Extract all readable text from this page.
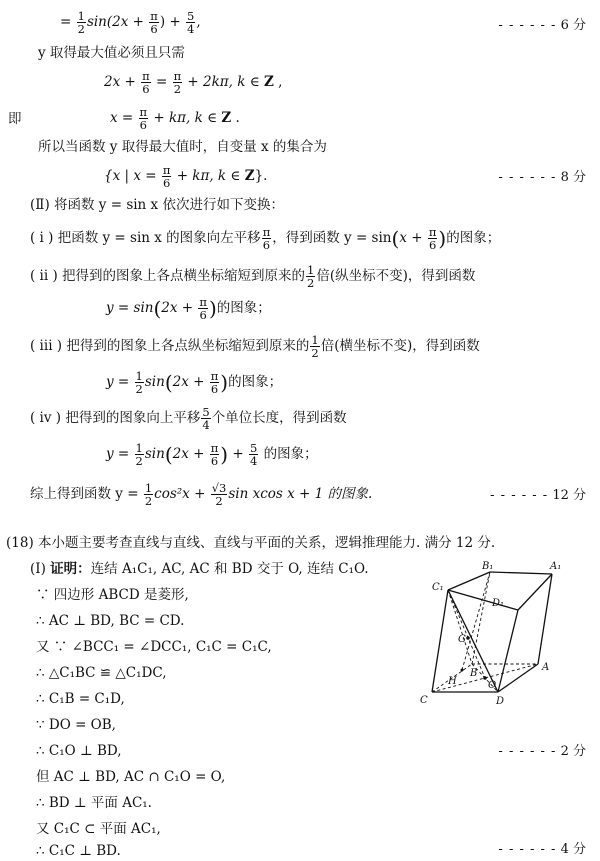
= $\frac{1}{2} \sin(2x + \frac{\pi}{6}$ ) + $\frac{5}{4}$ ,	- - - - - - 6 分
y 取得最大值必须且只需
$2x + \frac{\pi}{6} = \frac{\pi}{2} + 2k\pi$, k ∈ Z ,
即	$x = \frac{\pi}{6} + k\pi$, k ∈ Z .
所以当函数 y 取得最大值时，自变量 x 的集合为
{x | $x = \frac{\pi}{6} + k\pi$, k ∈ Z}.	- - - - - - 8 分
(Ⅱ) 将函数 y = sin x 依次进行如下变换：
( i ) 把函数 y = sin x 的图象向左平移 $\frac{\pi}{6}$ ，得到函数 $y = \sin(x + \frac{\pi}{6}$ )的图象；
( ii ) 把得到的图象上各点横坐标缩短到原来的 $\frac{1}{2}$ 倍(纵坐标不变)，得到函数
$y = \sin(2x + \frac{\pi}{6}$ )的图象；
( iii ) 把得到的图象上各点纵坐标缩短到原来的 $\frac{1}{2}$ 倍(横坐标不变)，得到函数
$y = \frac{1}{2} \sin(2x + \frac{\pi}{6}$ )的图象；
( iv ) 把得到的图象向上平移 $\frac{5}{4}$ 个单位长度，得到函数
$y = \frac{1}{2} \sin(2x + \frac{\pi}{6}$ ) + $\frac{5}{4}$ 的图象；
综上得到函数 $y = \frac{1}{2} \cos^2x + \frac{√3}{2}$ sin xcos x + 1 的图象.	- - - - - - 12 分
(18) 本小题主要考查直线与直线、直线与平面的关系，逻辑推理能力. 满分 12 分.
(Ⅰ) 证明：连结 A₁C₁, AC, AC 和 BD 交于 O, 连结 C₁O.
∵ 四边形 ABCD 是菱形,
∴ AC ⊥ BD, BC = CD.
又 ∵ ∠BCC₁ = ∠DCC₁, C₁C = C₁C,
∴ △C₁BC ≌ △C₁DC,
∴ C₁B = C₁D,
∵ DO = OB,
∴ C₁O ⊥ BD,	- - - - - - 2 分
但 AC ⊥ BD, AC ∩ C₁O = O,
∴ BD ⊥ 平面 AC₁.
又 C₁C ⊂ 平面 AC₁,
∴ C₁C ⊥ BD.	- - - - - - 4 分
B₁	A₁
C₁
D₁
G
B
H	O
A
C	D
